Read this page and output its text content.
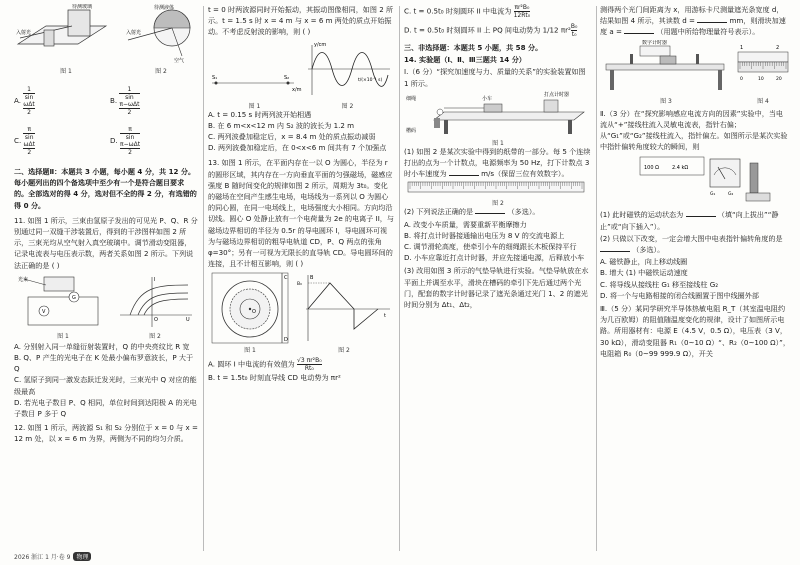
待测玻璃
入射光
图 1
待测液体
入射光
空气
图 2
A. 1
sin
ωΔt
2	B. 1
sin
π−ωΔt
2
C. π
sin
ωΔt
2	D. π
sin
π−ωΔt
2

二、选择题Ⅱ：本题共 3 小题，每小题 4 分，共 12 分。每小题列出的四个备选项中至少有一个是符合题目要求的。全部选对的得 4 分，选对但不全的得 2 分，有选错的得 0 分。

11. 如图 1 所示，三束由氢原子发出的可见光 P、Q、R 分别通过同一双缝干涉装置后，得到的干涉图样如图 2 所示，三束光均从空气射入真空玻璃中。调节滑动变阻器，记录电流表与电压表示数，两者关系如图 2 所示。下列说法正确的是 ( )

V
G
光束
图 1
I
U
O
图 2

A. 分别射入同一单缝衍射装置时，Q 的中央亮纹比 R 宽

B. Q、P 产生的光电子在 K 处最小偏布罗意波长，P 大于 Q

C. 氢原子到同一激发态跃迁发光时，三束光中 Q 对应的能级最高

D. 若光电子数目 P、Q 相同，单位时间到达阳极 A 的光电子数目 P 多于 Q

12. 如图 1 所示，两波源 S₁ 和 S₂ 分别位于 x = 0 与 x = 12 m 处，以 x = 6 m 为界，两侧为不同的均匀介质。

2026 浙江 1 月·卷 9 物理

t = 0 时两波源同时开始振动，其振动图像相同，如图 2 所示。t = 1.5 s 时 x = 4 m 与 x = 6 m 两处的质点开始振动。不考虑反射波的影响，则 ( )

S₁	S₂
x/m
y/cm
t/(×10⁻¹ s)
图 1	图 2

A. t = 0.15 s 时两列波开始相遇

B. 在 6 m<x<12 m 内 S₂ 波的波长为 1.2 m

C. 两列波叠加稳定后，x = 8.4 m 处的质点振动减弱

D. 两列波叠加稳定后，在 0<x<6 m 间共有 7 个加强点

13. 如图 1 所示，在平面内存在一以 O 为圆心，半径为 r 的圆形区域，其内存在一方向垂直平面的匀强磁场，磁感应强度 B 随时间变化的规律如图 2 所示，周期为 3t₀。变化的磁场在空间产生感生电场，电场线为一系列以 O 为圆心的同心圆，在同一电场线上，电场强度大小相同。方向均沿切线。圆心 O 处静止放有一个电荷量为 2e 的电离子 II，与磁场边界相切的半径为 0.5r 的导电圆环 I，导电圆环可视为与磁场边界相切的粗导电轨道 CD，P、Q 两点的张角 φ=30°；另有一可视为无限长的直导轨 CD。导电圆环间的连接，且不计相互影响，则 ( )

O
C
D
图 1
B
B₀
t
图 2

A. 圆环 I 中电流的有效值为 $\frac{\text{√3 πr²B₀}}{\text{Rt₀}}$

B. t = 1.5t₀ 时刻直导线 CD 电动势为 πr²

C. t = 0.5t₀ 时刻圆环 II 中电流为 $\frac{\text{πr²B₀}}{\text{12Rt₀}}$

D. t = 0.5t₀ 时刻圆环 II 上 PQ 间电动势为 1/12 $\pi r^2 \frac{\text{B₀}}{\text{t₀}}$

三、非选择题：本题共 5 小题，共 58 分。

14. 实验题（Ⅰ、Ⅱ、Ⅲ三题共 14 分）

Ⅰ.（6 分）“探究加速度与力、质量的关系”的实验装置如图 1 所示。

细绳	小车
打点计时器
槽码
图 1

(1) 如图 2 是某次实验中得到的纸带的一部分。每 5 个连续打出的点为一个计数点，电源频率为 50 Hz，打下计数点 3 时小车速度为	m/s（保留三位有效数字）。

图 2

(2) 下列说法正确的是	（多选）。

A. 改变小车质量，需要重新平衡摩擦力

B. 将打点计时器接通输出电压为 8 V 的交流电源上

C. 调节滑轮高度，使牵引小车的细绳跟长木板保持平行

D. 小车应靠近打点计时器，并应先接通电源，后释放小车

(3) 改用如图 3 所示的气垫导轨进行实验。气垫导轨放在水平面上并调至水平，滑块在槽码的牵引下先后通过两个光门，配套的数字计时器记录了遮光条通过光门 1、2 的遮光时间分别为 Δt₁、Δt₂，

测得两个光门间距离为 x，用游标卡尺测量遮光条宽度 d，结果如图 4 所示，其读数 d =	mm，则滑块加速度 a =	（用题中所给物理量符号表示）。

数字计时器
图 3
1	2
0	10	20
图 4

Ⅱ.（3 分）在“探究影响感应电流方向的因素”实验中，当电流从“+”接线柱流入灵敏电流表，指针右偏；从“G₁”或“G₂”接线柱流入，指针偏左。如图所示是某次实验中指针偏转角度较大的瞬间，则

100 Ω	2.4 kΩ
G₁	G₂

(1) 此时磁铁的运动状态为	（填“向上拔出”“静止”或“向下插入”）。

(2) 只做以下改变，一定会增大图中电表指针偏转角度的是  （多选）。

A. 磁铁静止，向上移动线圈

B. 增大 (1) 中磁铁运动速度

C. 将导线从接线柱 G₁ 移至接线柱 G₂

D. 将一个与电路相接的闭合线圈置于图中线圈外部

Ⅲ.（5 分）某同学研究半导体热敏电阻 R_T（其室温电阻约为几百欧姆）的阻值随温度变化的规律，设计了如图所示电路。所用器材有：电源 E（4.5 V，0.5 Ω），电压表（3 V，30 kΩ），滑动变阻器 R₁（0~10 Ω）“、R₂（0~100 Ω）”，电阻箱 R₀（0~99 999.9 Ω），开关
